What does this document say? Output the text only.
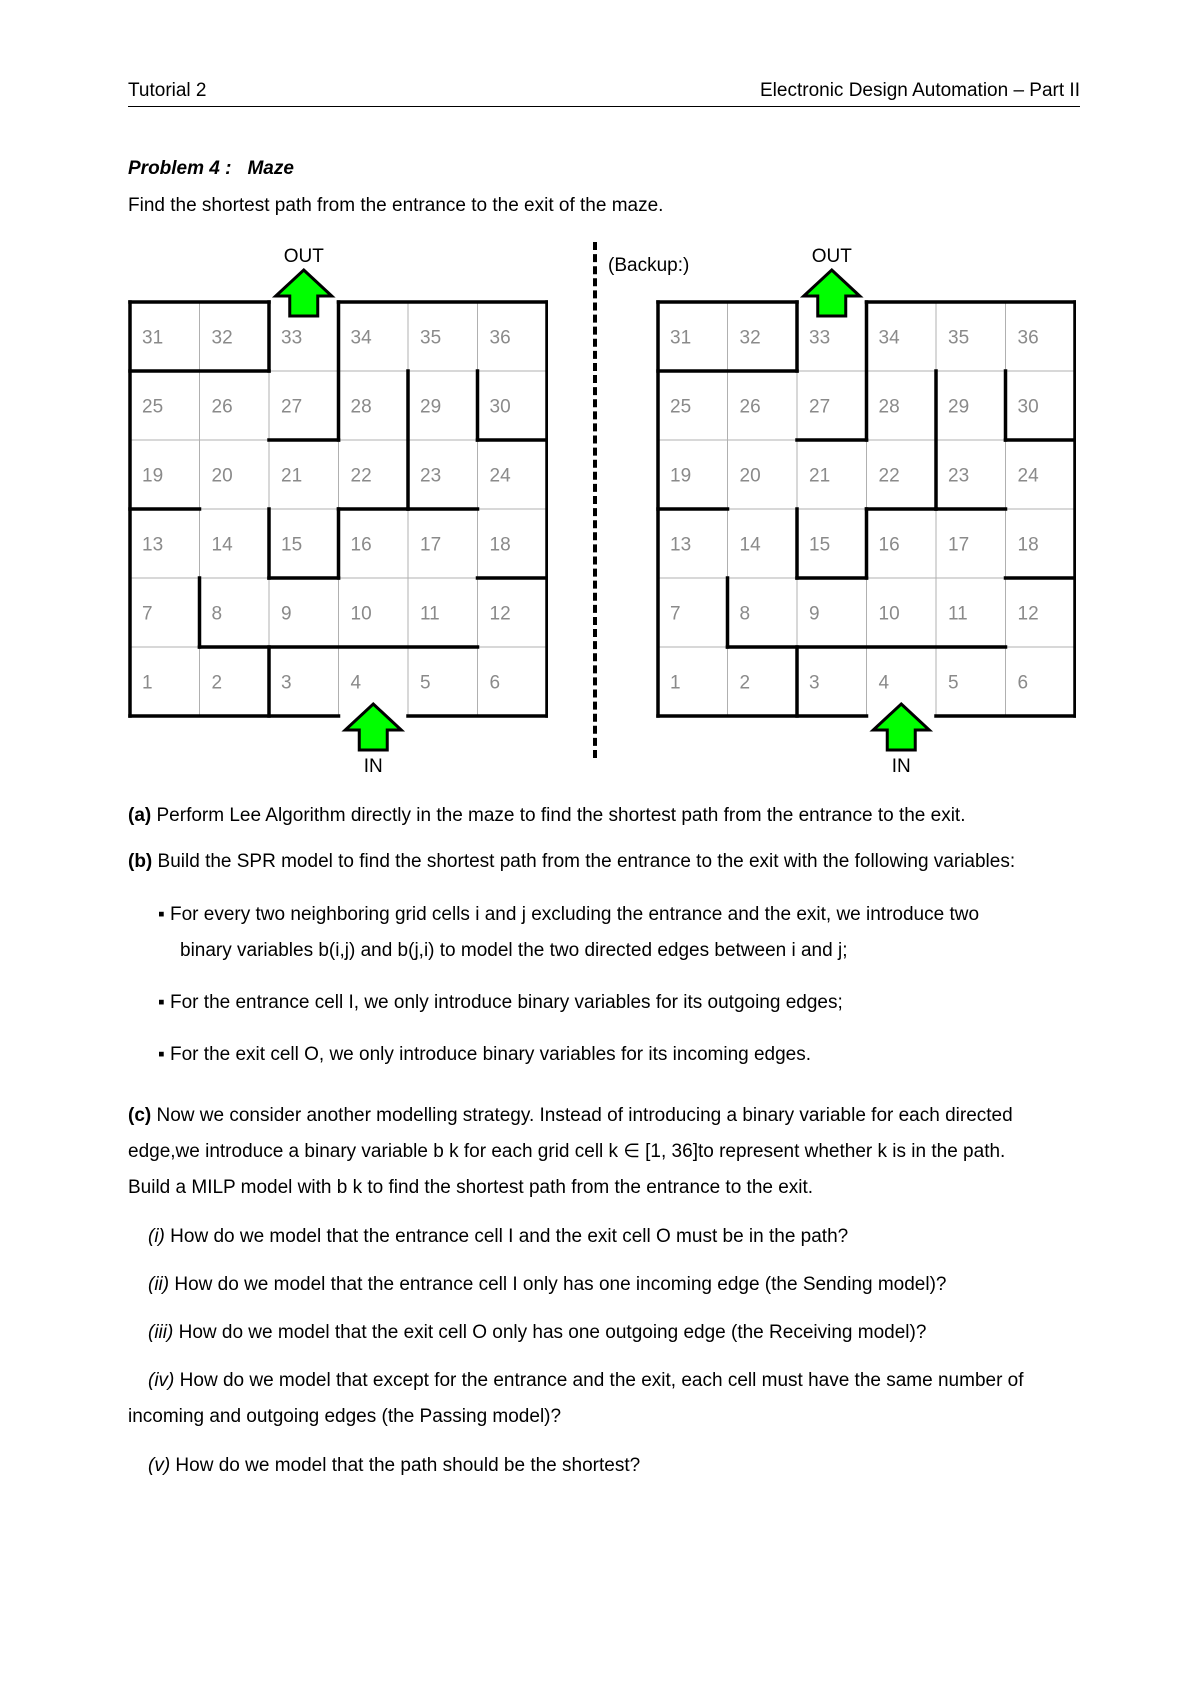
Tutorial 2	Electronic Design Automation – Part II
Problem 4 : Maze
Find the shortest path from the entrance to the exit of the maze.
OUT
31	32	33	34	35	36
25	26	27	28	29	30
19	20	21	22	23	24
13	14	15	16	17	18
7	8	9	10	11	12
1	2	3	4	5	6
IN
(Backup:)	OUT
31	32	33	34	35	36
25	26	27	28	29	30
19	20	21	22	23	24
13	14	15	16	17	18
7	8	9	10	11	12
1	2	3	4	5	6
IN
(a) Perform Lee Algorithm directly in the maze to find the shortest path from the entrance to the exit.
(b) Build the SPR model to find the shortest path from the entrance to the exit with the following variables:
▪ For every two neighboring grid cells i and j excluding the entrance and the exit, we introduce two
binary variables b(i,j) and b(j,i) to model the two directed edges between i and j;
▪ For the entrance cell I, we only introduce binary variables for its outgoing edges;
▪ For the exit cell O, we only introduce binary variables for its incoming edges.
(c) Now we consider another modelling strategy. Instead of introducing a binary variable for each directed
edge,we introduce a binary variable b k for each grid cell k ∈ [1, 36]to represent whether k is in the path.
Build a MILP model with b k to find the shortest path from the entrance to the exit.
(i) How do we model that the entrance cell I and the exit cell O must be in the path?
(ii) How do we model that the entrance cell I only has one incoming edge (the Sending model)?
(iii) How do we model that the exit cell O only has one outgoing edge (the Receiving model)?
(iv) How do we model that except for the entrance and the exit, each cell must have the same number of
incoming and outgoing edges (the Passing model)?
(v) How do we model that the path should be the shortest?
